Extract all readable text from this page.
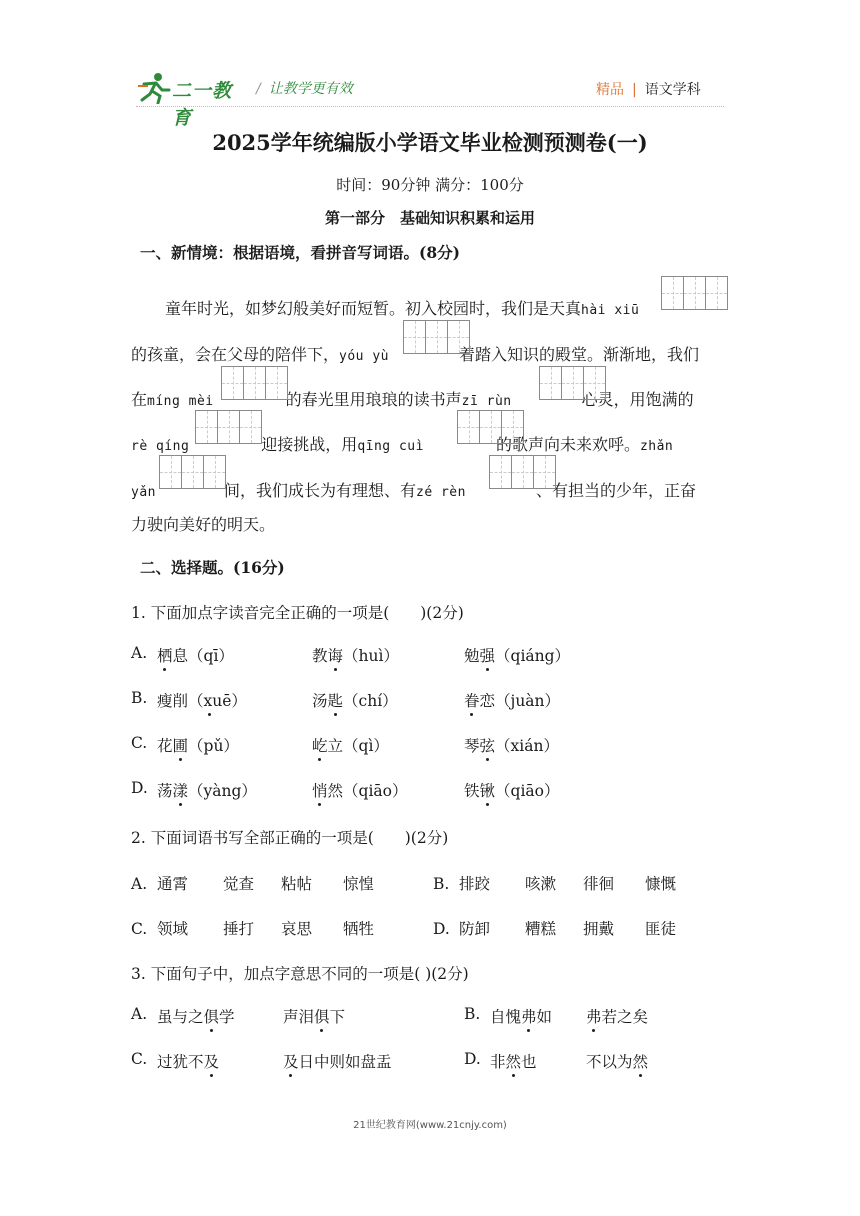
二一教育
/ 让教学更有效	精品 | 语文学科
2025学年统编版小学语文毕业检测预测卷(一)
时间：90分钟 满分：100分
第一部分　基础知识积累和运用
一、新情境：根据语境，看拼音写词语。(8分)
童年时光，如梦幻般美好而短暂。初入校园时，我们是天真hài xiū
的孩童，会在父母的陪伴下，yóu yù	着踏入知识的殿堂。渐渐地，我们
在míng mèi	的春光里用琅琅的读书声zī rùn	心灵，用饱满的
rè qíng	迎接挑战，用qīng cuì	的歌声向未来欢呼。zhǎn
yǎn	间，我们成长为有理想、有zé rèn	、有担当的少年，正奋
力驶向美好的明天。
二、选择题。(16分)
1. 下面加点字读音完全正确的一项是(　　)(2分)
A. 栖息（qī）	教诲（huì）	勉强（qiáng）
B. 瘦削（xuē）	汤匙（chí）	眷恋（juàn）
C. 花圃（pǔ）	屹立（qì）	琴弦（xián）
D. 荡漾（yàng）	悄然（qiāo）	铁锹（qiāo）
2. 下面词语书写全部正确的一项是(　　)(2分)
A. 通霄 觉查 粘帖 惊惶	B. 排跤 咳漱 徘徊 慷慨
C. 领域 捶打 哀思 牺牲	D. 防卸 糟糕 拥戴 匪徒
3. 下面句子中，加点字意思不同的一项是( )(2分)
A. 虽与之俱学	声泪俱下	B. 自愧弗如 弗若之矣
C. 过犹不及	及日中则如盘盂	D. 非然也	不以为然
21世纪教育网(www.21cnjy.com)
